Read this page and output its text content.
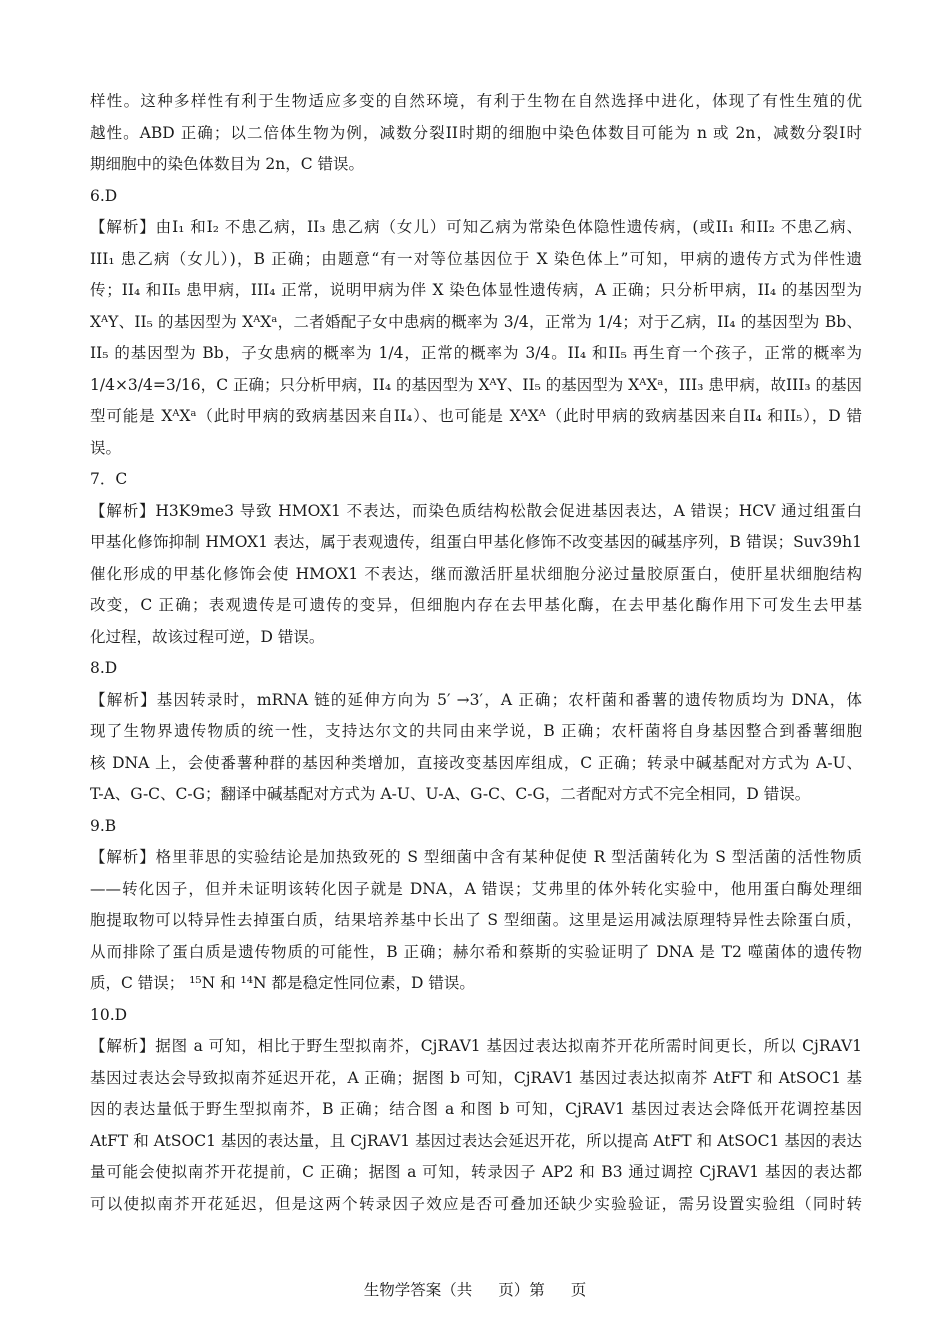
样性。这种多样性有利于生物适应多变的自然环境，有利于生物在自然选择中进化，体现了有性生殖的优
越性。ABD 正确；以二倍体生物为例，减数分裂II时期的细胞中染色体数目可能为 n 或 2n，减数分裂I时
期细胞中的染色体数目为 2n，C 错误。
6.D
【解析】由I₁ 和I₂ 不患乙病，II₃ 患乙病（女儿）可知乙病为常染色体隐性遗传病，(或II₁ 和II₂ 不患乙病、
III₁ 患乙病（女儿）)，B 正确；由题意“有一对等位基因位于 X 染色体上”可知，甲病的遗传方式为伴性遗
传；II₄ 和II₅ 患甲病，III₄ 正常，说明甲病为伴 X 染色体显性遗传病，A 正确；只分析甲病，II₄ 的基因型为
XᴬY、II₅ 的基因型为 XᴬXᵃ，二者婚配子女中患病的概率为 3/4，正常为 1/4；对于乙病，II₄ 的基因型为 Bb、
II₅ 的基因型为 Bb，子女患病的概率为 1/4，正常的概率为 3/4。II₄ 和II₅ 再生育一个孩子，正常的概率为
1/4×3/4=3/16，C 正确；只分析甲病，II₄ 的基因型为 XᴬY、II₅ 的基因型为 XᴬXᵃ，III₃ 患甲病，故III₃ 的基因
型可能是 XᴬXᵃ（此时甲病的致病基因来自II₄）、也可能是 XᴬXᴬ（此时甲病的致病基因来自II₄ 和II₅），D 错
误。
7．C
【解析】H3K9me3 导致 HMOX1 不表达，而染色质结构松散会促进基因表达，A 错误；HCV 通过组蛋白
甲基化修饰抑制 HMOX1 表达，属于表观遗传，组蛋白甲基化修饰不改变基因的碱基序列，B 错误；Suv39h1
催化形成的甲基化修饰会使 HMOX1 不表达，继而激活肝星状细胞分泌过量胶原蛋白，使肝星状细胞结构
改变，C 正确；表观遗传是可遗传的变异，但细胞内存在去甲基化酶，在去甲基化酶作用下可发生去甲基
化过程，故该过程可逆，D 错误。
8.D
【解析】基因转录时，mRNA 链的延伸方向为 5′ →3′，A 正确；农杆菌和番薯的遗传物质均为 DNA，体
现了生物界遗传物质的统一性，支持达尔文的共同由来学说，B 正确；农杆菌将自身基因整合到番薯细胞
核 DNA 上，会使番薯种群的基因种类增加，直接改变基因库组成，C 正确；转录中碱基配对方式为 A-U、
T-A、G-C、C-G；翻译中碱基配对方式为 A-U、U-A、G-C、C-G，二者配对方式不完全相同，D 错误。
9.B
【解析】格里菲思的实验结论是加热致死的 S 型细菌中含有某种促使 R 型活菌转化为 S 型活菌的活性物质
——转化因子，但并未证明该转化因子就是 DNA，A 错误；艾弗里的体外转化实验中，他用蛋白酶处理细
胞提取物可以特异性去掉蛋白质，结果培养基中长出了 S 型细菌。这里是运用减法原理特异性去除蛋白质，
从而排除了蛋白质是遗传物质的可能性，B 正确；赫尔希和蔡斯的实验证明了 DNA 是 T2 噬菌体的遗传物
质，C 错误； ¹⁵N 和 ¹⁴N 都是稳定性同位素，D 错误。
10.D
【解析】据图 a 可知，相比于野生型拟南芥，CjRAV1 基因过表达拟南芥开花所需时间更长，所以 CjRAV1
基因过表达会导致拟南芥延迟开花，A 正确；据图 b 可知，CjRAV1 基因过表达拟南芥 AtFT 和 AtSOC1 基
因的表达量低于野生型拟南芥，B 正确；结合图 a 和图 b 可知，CjRAV1 基因过表达会降低开花调控基因
AtFT 和 AtSOC1 基因的表达量，且 CjRAV1 基因过表达会延迟开花，所以提高 AtFT 和 AtSOC1 基因的表达
量可能会使拟南芥开花提前，C 正确；据图 a 可知，转录因子 AP2 和 B3 通过调控 CjRAV1 基因的表达都
可以使拟南芥开花延迟，但是这两个转录因子效应是否可叠加还缺少实验验证，需另设置实验组（同时转
生物学答案（共 页）第 页
